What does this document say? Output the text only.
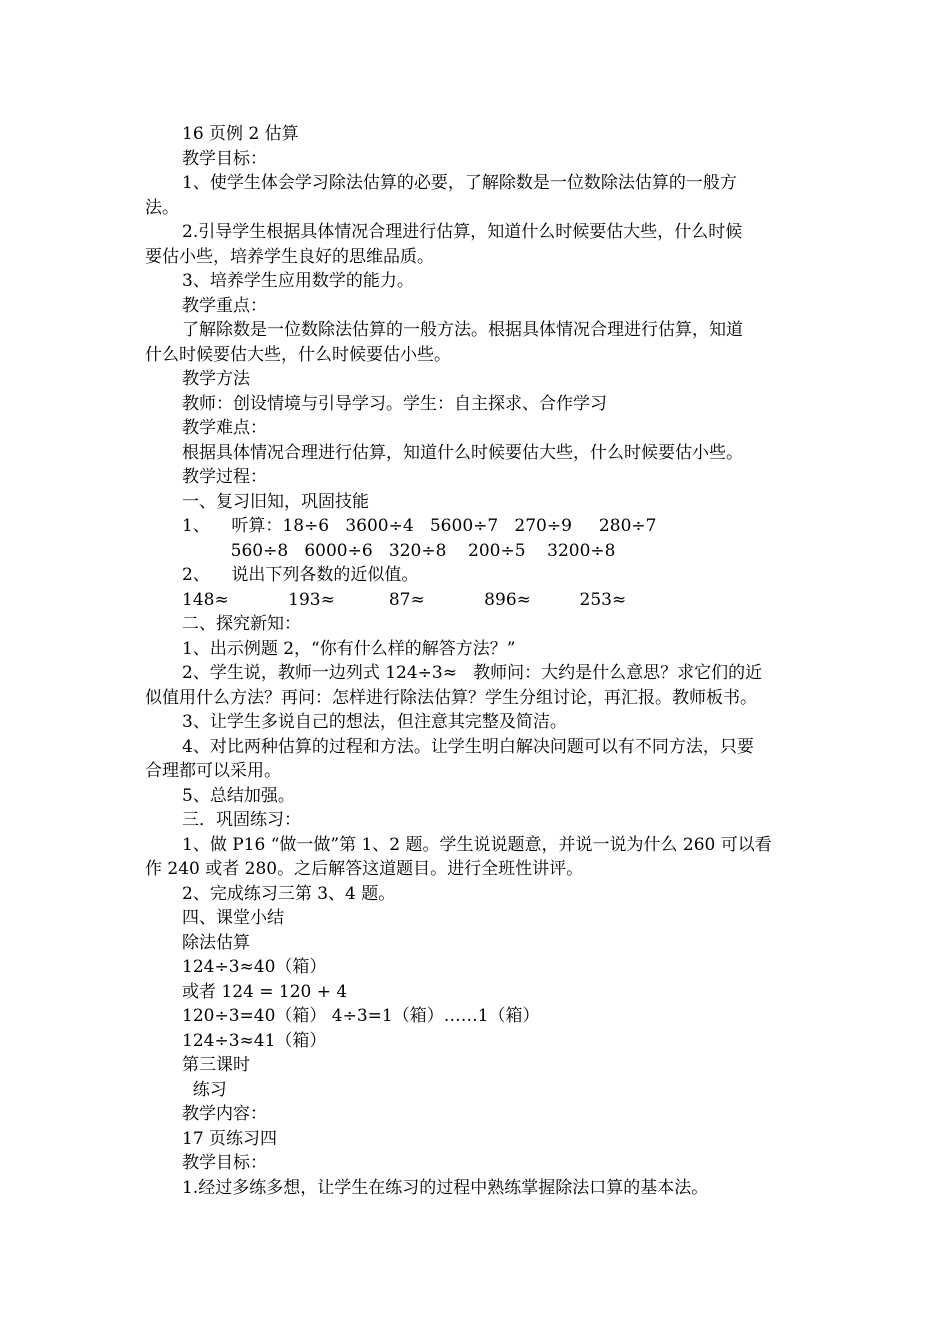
16 页例 2 估算
教学目标：
1、使学生体会学习除法估算的必要，了解除数是一位数除法估算的一般方
法。
2.引导学生根据具体情况合理进行估算，知道什么时候要估大些，什么时候
要估小些，培养学生良好的思维品质。
3、培养学生应用数学的能力。
教学重点：
了解除数是一位数除法估算的一般方法。根据具体情况合理进行估算，知道
什么时候要估大些，什么时候要估小些。
教学方法
教师：创设情境与引导学习。学生：自主探求、合作学习
教学难点：
根据具体情况合理进行估算，知道什么时候要估大些，什么时候要估小些。
教学过程：
一、复习旧知，巩固技能
1、    听算：18÷6   3600÷4   5600÷7   270÷9     280÷7
560÷8   6000÷6   320÷8    200÷5    3200÷8
2、    说出下列各数的近似值。
148≈           193≈          87≈           896≈         253≈
二、探究新知：
1、出示例题 2，“你有什么样的解答方法？”
2、学生说，教师一边列式 124÷3≈   教师问：大约是什么意思？求它们的近
似值用什么方法？再问：怎样进行除法估算？学生分组讨论，再汇报。教师板书。
3、让学生多说自己的想法，但注意其完整及简洁。
4、对比两种估算的过程和方法。让学生明白解决问题可以有不同方法，只要
合理都可以采用。
5、总结加强。
三．巩固练习：
1、做 P16 “做一做”第 1、2 题。学生说说题意，并说一说为什么 260 可以看
作 240 或者 280。之后解答这道题目。进行全班性讲评。
2、完成练习三第 3、4 题。
四、课堂小结
除法估算
124÷3≈40（箱）
或者 124 = 120 + 4
120÷3=40（箱） 4÷3=1（箱）……1（箱）
124÷3≈41（箱）
第三课时
练习
教学内容：
17 页练习四
教学目标：
1.经过多练多想，让学生在练习的过程中熟练掌握除法口算的基本法。
